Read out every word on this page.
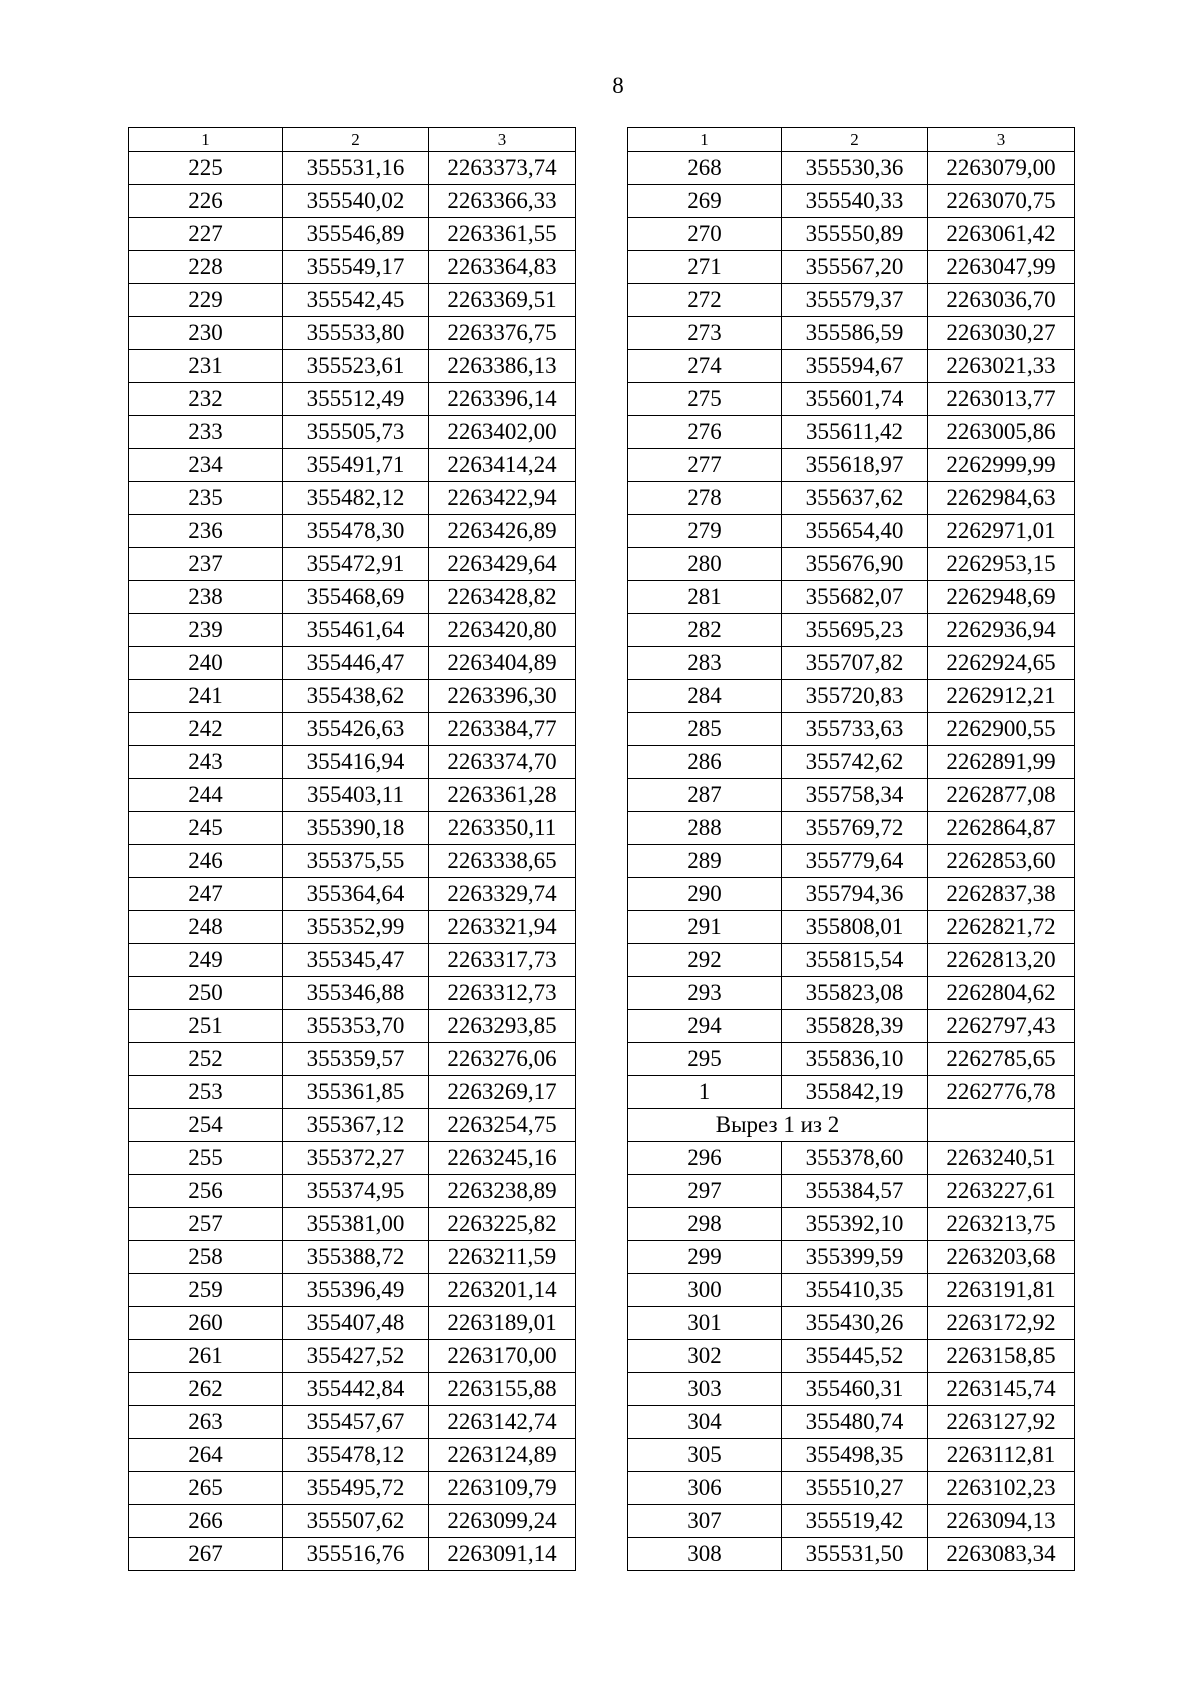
8
1	2	3
225	355531,16	2263373,74
226	355540,02	2263366,33
227	355546,89	2263361,55
228	355549,17	2263364,83
229	355542,45	2263369,51
230	355533,80	2263376,75
231	355523,61	2263386,13
232	355512,49	2263396,14
233	355505,73	2263402,00
234	355491,71	2263414,24
235	355482,12	2263422,94
236	355478,30	2263426,89
237	355472,91	2263429,64
238	355468,69	2263428,82
239	355461,64	2263420,80
240	355446,47	2263404,89
241	355438,62	2263396,30
242	355426,63	2263384,77
243	355416,94	2263374,70
244	355403,11	2263361,28
245	355390,18	2263350,11
246	355375,55	2263338,65
247	355364,64	2263329,74
248	355352,99	2263321,94
249	355345,47	2263317,73
250	355346,88	2263312,73
251	355353,70	2263293,85
252	355359,57	2263276,06
253	355361,85	2263269,17
254	355367,12	2263254,75
255	355372,27	2263245,16
256	355374,95	2263238,89
257	355381,00	2263225,82
258	355388,72	2263211,59
259	355396,49	2263201,14
260	355407,48	2263189,01
261	355427,52	2263170,00
262	355442,84	2263155,88
263	355457,67	2263142,74
264	355478,12	2263124,89
265	355495,72	2263109,79
266	355507,62	2263099,24
267	355516,76	2263091,14
1	2	3
268	355530,36	2263079,00
269	355540,33	2263070,75
270	355550,89	2263061,42
271	355567,20	2263047,99
272	355579,37	2263036,70
273	355586,59	2263030,27
274	355594,67	2263021,33
275	355601,74	2263013,77
276	355611,42	2263005,86
277	355618,97	2262999,99
278	355637,62	2262984,63
279	355654,40	2262971,01
280	355676,90	2262953,15
281	355682,07	2262948,69
282	355695,23	2262936,94
283	355707,82	2262924,65
284	355720,83	2262912,21
285	355733,63	2262900,55
286	355742,62	2262891,99
287	355758,34	2262877,08
288	355769,72	2262864,87
289	355779,64	2262853,60
290	355794,36	2262837,38
291	355808,01	2262821,72
292	355815,54	2262813,20
293	355823,08	2262804,62
294	355828,39	2262797,43
295	355836,10	2262785,65
1	355842,19	2262776,78
Вырез 1 из 2		
296	355378,60	2263240,51
297	355384,57	2263227,61
298	355392,10	2263213,75
299	355399,59	2263203,68
300	355410,35	2263191,81
301	355430,26	2263172,92
302	355445,52	2263158,85
303	355460,31	2263145,74
304	355480,74	2263127,92
305	355498,35	2263112,81
306	355510,27	2263102,23
307	355519,42	2263094,13
308	355531,50	2263083,34
